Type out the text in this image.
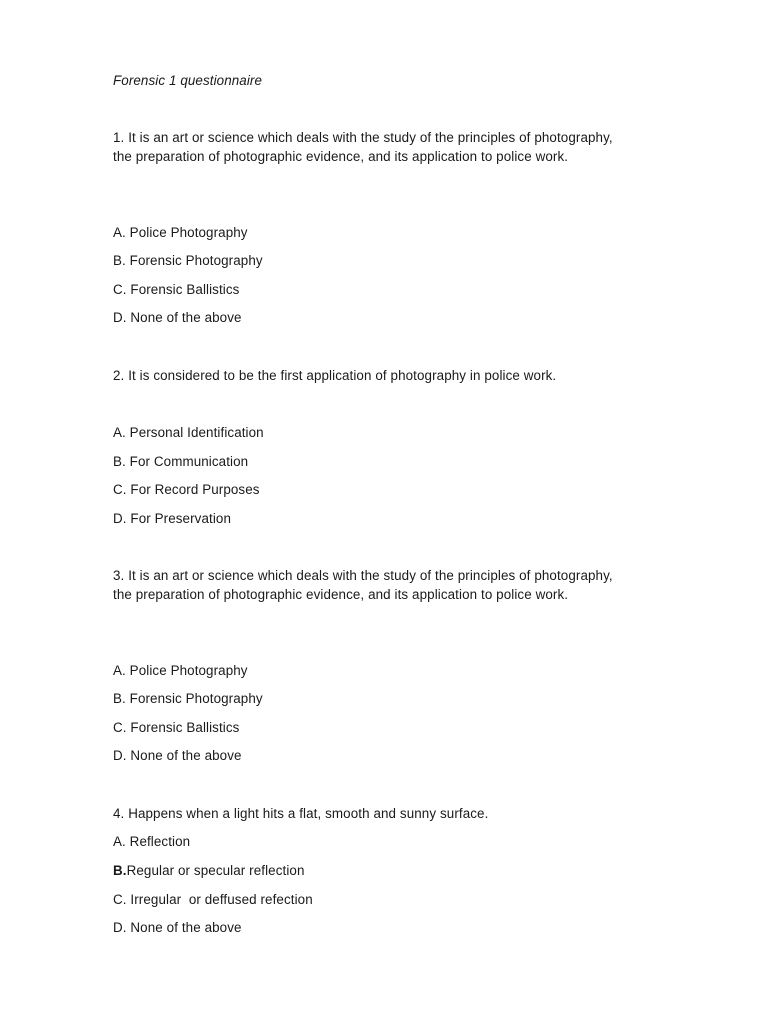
Forensic 1 questionnaire
1. It is an art or science which deals with the study of the principles of photography, the preparation of photographic evidence, and its application to police work.
A. Police Photography
B. Forensic Photography
C. Forensic Ballistics
D. None of the above
2. It is considered to be the first application of photography in police work.
A. Personal Identification
B. For Communication
C. For Record Purposes
D. For Preservation
3. It is an art or science which deals with the study of the principles of photography, the preparation of photographic evidence, and its application to police work.
A. Police Photography
B. Forensic Photography
C. Forensic Ballistics
D. None of the above
4. Happens when a light hits a flat, smooth and sunny surface.
A. Reflection
B.Regular or specular reflection
C. Irregular  or deffused refection
D. None of the above
